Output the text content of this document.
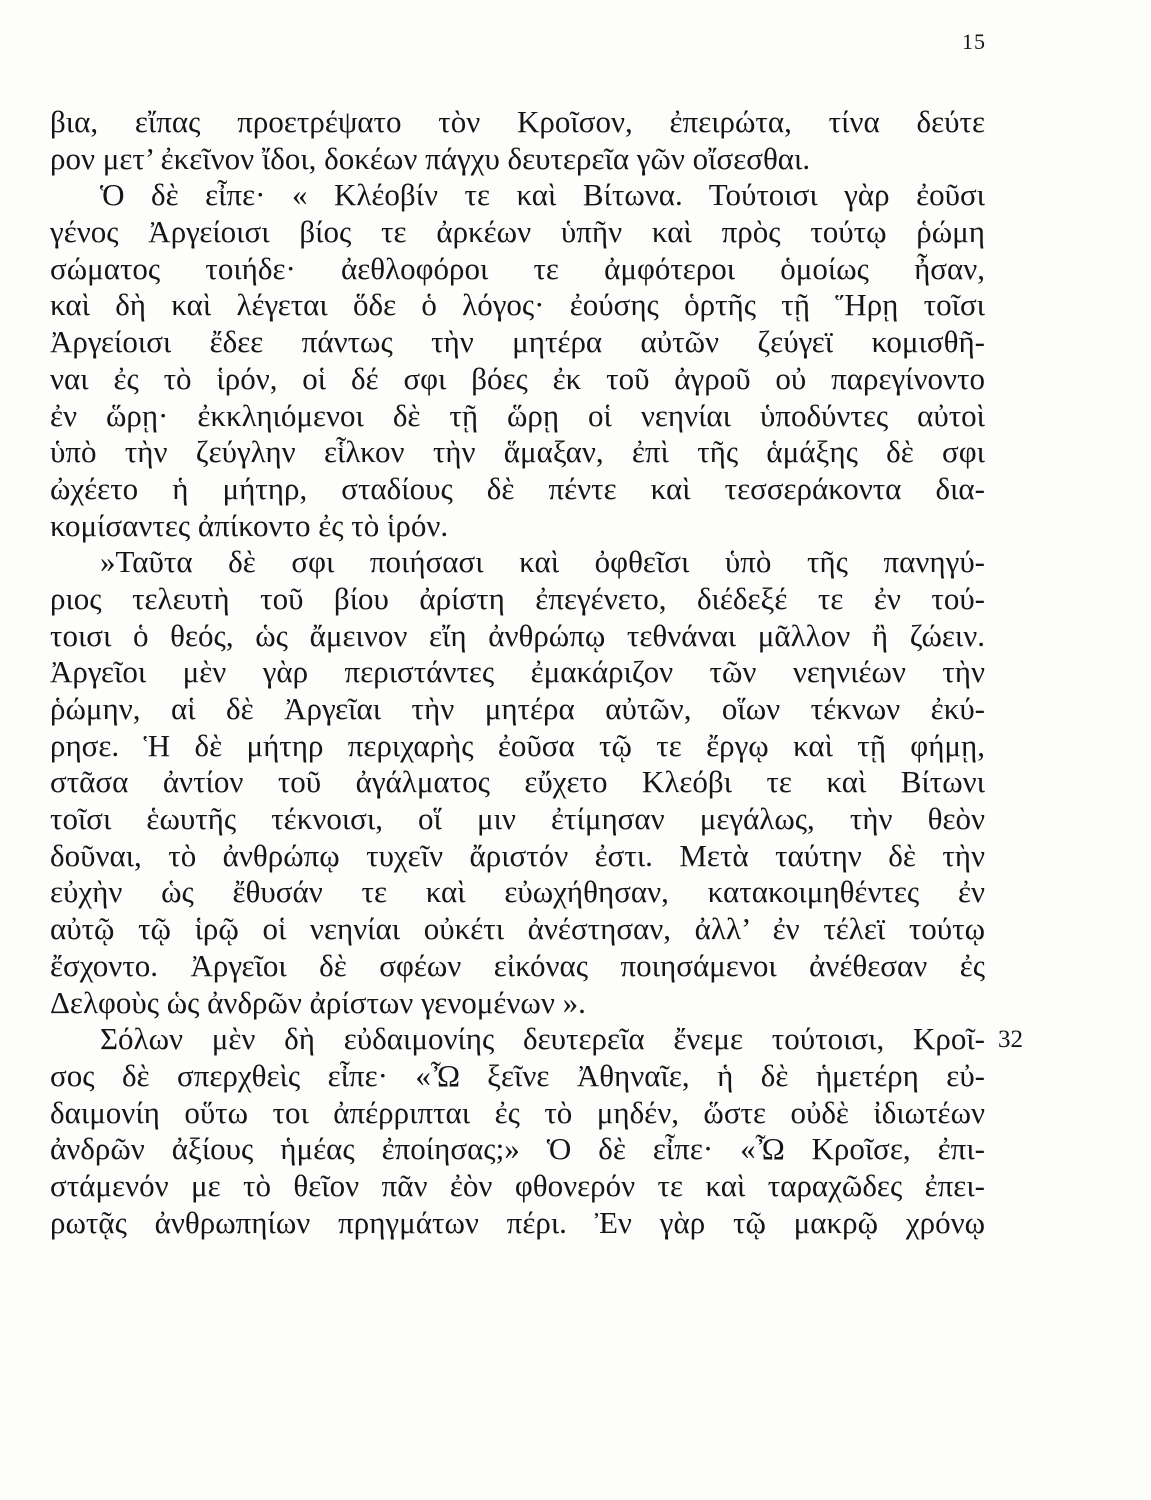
15
32
βια, εἴπας προετρέψατο τὸν Κροῖσον, ἐπειρώτα, τίνα δεύτε
ρον μετ’ ἐκεῖνον ἴδοι, δοκέων πάγχυ δευτερεῖα γῶν οἴσεσθαι.
Ὁ δὲ εἶπε· « Κλέοβίν τε καὶ Βίτωνα. Τούτοισι γὰρ ἐοῦσι
γένος Ἀργείοισι βίος τε ἀρκέων ὑπῆν καὶ πρὸς τούτῳ ῥώμη
σώματος τοιήδε· ἀεθλοφόροι τε ἀμφότεροι ὁμοίως ἦσαν,
καὶ δὴ καὶ λέγεται ὅδε ὁ λόγος· ἐούσης ὁρτῆς τῇ Ἥρῃ τοῖσι
Ἀργείοισι ἔδεε πάντως τὴν μητέρα αὐτῶν ζεύγεϊ κομισθῆ-
ναι ἐς τὸ ἱρόν, οἱ δέ σφι βόες ἐκ τοῦ ἀγροῦ οὐ παρεγίνοντο
ἐν ὥρῃ· ἐκκληιόμενοι δὲ τῇ ὥρῃ οἱ νεηνίαι ὑποδύντες αὐτοὶ
ὑπὸ τὴν ζεύγλην εἷλκον τὴν ἅμαξαν, ἐπὶ τῆς ἁμάξης δὲ σφι
ὠχέετο ἡ μήτηρ, σταδίους δὲ πέντε καὶ τεσσεράκοντα δια-
κομίσαντες ἀπίκοντο ἐς τὸ ἱρόν.
»Ταῦτα δὲ σφι ποιήσασι καὶ ὀφθεῖσι ὑπὸ τῆς πανηγύ-
ριος τελευτὴ τοῦ βίου ἀρίστη ἐπεγένετο, διέδεξέ τε ἐν τού-
τοισι ὁ θεός, ὡς ἄμεινον εἴη ἀνθρώπῳ τεθνάναι μᾶλλον ἢ ζώειν.
Ἀργεῖοι μὲν γὰρ περιστάντες ἐμακάριζον τῶν νεηνιέων τὴν
ῥώμην, αἱ δὲ Ἀργεῖαι τὴν μητέρα αὐτῶν, οἵων τέκνων ἐκύ-
ρησε. Ἡ δὲ μήτηρ περιχαρὴς ἐοῦσα τῷ τε ἔργῳ καὶ τῇ φήμῃ,
στᾶσα ἀντίον τοῦ ἀγάλματος εὔχετο Κλεόβι τε καὶ Βίτωνι
τοῖσι ἑωυτῆς τέκνοισι, οἵ μιν ἐτίμησαν μεγάλως, τὴν θεὸν
δοῦναι, τὸ ἀνθρώπῳ τυχεῖν ἄριστόν ἐστι. Μετὰ ταύτην δὲ τὴν
εὐχὴν ὡς ἔθυσάν τε καὶ εὐωχήθησαν, κατακοιμηθέντες ἐν
αὐτῷ τῷ ἱρῷ οἱ νεηνίαι οὐκέτι ἀνέστησαν, ἀλλ’ ἐν τέλεϊ τούτῳ
ἔσχοντο. Ἀργεῖοι δὲ σφέων εἰκόνας ποιησάμενοι ἀνέθεσαν ἐς
Δελφοὺς ὡς ἀνδρῶν ἀρίστων γενομένων ».
Σόλων μὲν δὴ εὐδαιμονίης δευτερεῖα ἔνεμε τούτοισι, Κροῖ-
σος δὲ σπερχθεὶς εἶπε· «Ὦ ξεῖνε Ἀθηναῖε, ἡ δὲ ἡμετέρη εὐ-
δαιμονίη οὕτω τοι ἀπέρριπται ἐς τὸ μηδέν, ὥστε οὐδὲ ἰδιωτέων
ἀνδρῶν ἀξίους ἡμέας ἐποίησας;» Ὁ δὲ εἶπε· «Ὦ Κροῖσε, ἐπι-
στάμενόν με τὸ θεῖον πᾶν ἐὸν φθονερόν τε καὶ ταραχῶδες ἐπει-
ρωτᾷς ἀνθρωπηίων πρηγμάτων πέρι. Ἐν γὰρ τῷ μακρῷ χρόνῳ
